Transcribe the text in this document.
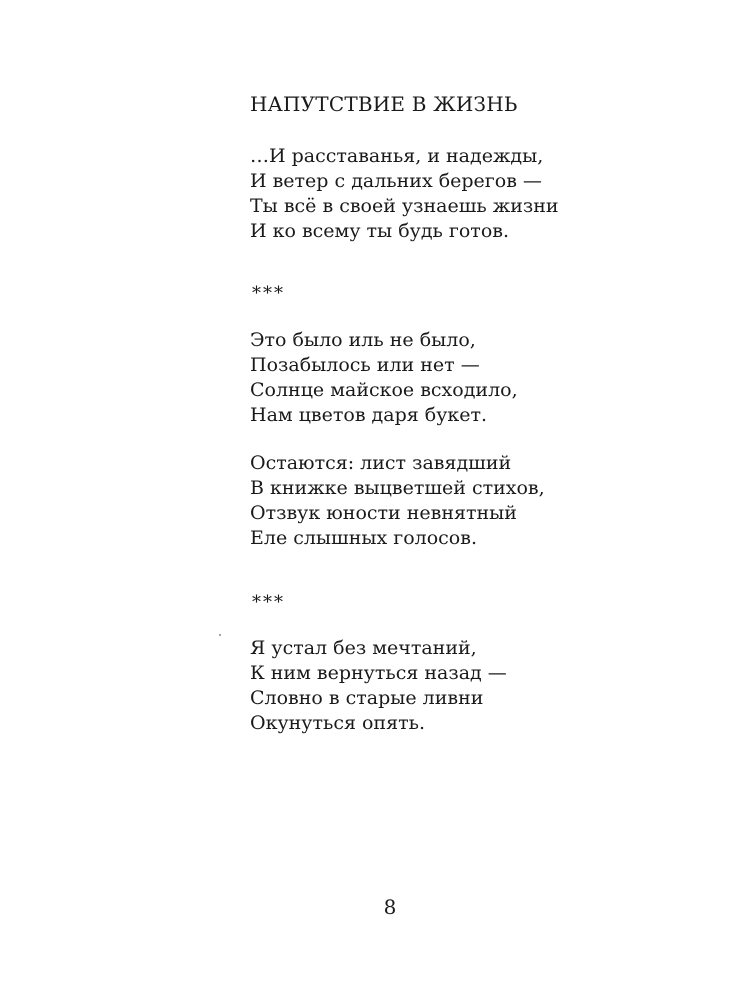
НАПУТСТВИЕ В ЖИЗНЬ
…И расставанья, и надежды,
И ветер с дальних берегов —
Ты всё в своей узнаешь жизни
И ко всему ты будь готов.
***
Это было иль не было,
Позабылось или нет —
Солнце майское всходило,
Нам цветов даря букет.
Остаются: лист завядший
В книжке выцветшей стихов,
Отзвук юности невнятный
Еле слышных голосов.
***
Я устал без мечтаний,
К ним вернуться назад —
Словно в старые ливни
Окунуться опять.
8
